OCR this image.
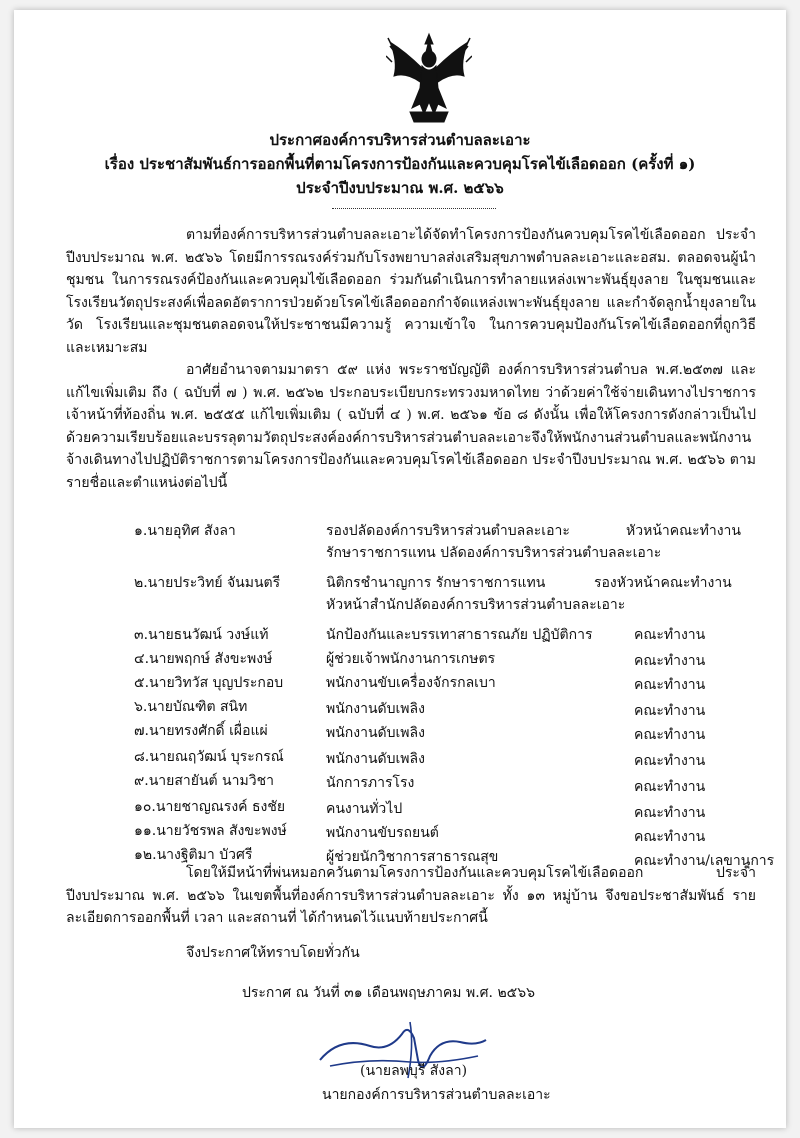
ประกาศองค์การบริหารส่วนตำบลละเอาะ
เรื่อง ประชาสัมพันธ์การออกพื้นที่ตามโครงการป้องกันและควบคุมโรคไข้เลือดออก (ครั้งที่ ๑)
ประจำปีงบประมาณ พ.ศ. ๒๕๖๖
ตามที่องค์การบริหารส่วนตำบลละเอาะได้จัดทำโครงการป้องกันควบคุมโรคไข้เลือดออก ประจำปีงบประมาณ พ.ศ. ๒๕๖๖ โดยมีการรณรงค์ร่วมกับโรงพยาบาลส่งเสริมสุขภาพตำบลละเอาะและอสม. ตลอดจนผู้นำชุมชน ในการรณรงค์ป้องกันและควบคุมไข้เลือดออก ร่วมกันดำเนินการทำลายแหล่งเพาะพันธุ์ยุงลาย ในชุมชนและโรงเรียนวัตถุประสงค์เพื่อลดอัตราการป่วยด้วยโรคไข้เลือดออกกำจัดแหล่งเพาะพันธุ์ยุงลาย และกำจัดลูกน้ำยุงลายในวัด โรงเรียนและชุมชนตลอดจนให้ประชาชนมีความรู้ ความเข้าใจ ในการควบคุมป้องกันโรคไข้เลือดออกที่ถูกวิธี และเหมาะสม
อาศัยอำนาจตามมาตรา ๕๙ แห่ง พระราชบัญญัติ องค์การบริหารส่วนตำบล พ.ศ.๒๕๓๗ และ แก้ไขเพิ่มเติม ถึง ( ฉบับที่ ๗ ) พ.ศ. ๒๕๖๒ ประกอบระเบียบกระทรวงมหาดไทย ว่าด้วยค่าใช้จ่ายเดินทางไปราชการเจ้าหน้าที่ท้องถิ่น พ.ศ. ๒๕๕๕ แก้ไขเพิ่มเติม ( ฉบับที่ ๔ ) พ.ศ. ๒๕๖๑ ข้อ ๘ ดังนั้น เพื่อให้โครงการดังกล่าวเป็นไปด้วยความเรียบร้อยและบรรลุตามวัตถุประสงค์องค์การบริหารส่วนตำบลละเอาะจึงให้พนักงานส่วนตำบลและพนักงานจ้างเดินทางไปปฏิบัติราชการตามโครงการป้องกันและควบคุมโรคไข้เลือดออก ประจำปีงบประมาณ พ.ศ. ๒๕๖๖ ตามรายชื่อและตำแหน่งต่อไปนี้
๑.นายอุทิศ สังลา	รองปลัดองค์การบริหารส่วนตำบลละเอาะ	หัวหน้าคณะทำงาน
รักษาราชการแทน ปลัดองค์การบริหารส่วนตำบลละเอาะ
๒.นายประวิทย์ จันมนตรี	นิติกรชำนาญการ รักษาราชการแทน	รองหัวหน้าคณะทำงาน
หัวหน้าสำนักปลัดองค์การบริหารส่วนตำบลละเอาะ
๓.นายธนวัฒน์ วงษ์แท้	นักป้องกันและบรรเทาสาธารณภัย ปฏิบัติการ	คณะทำงาน
๔.นายพฤกษ์ สังขะพงษ์	ผู้ช่วยเจ้าพนักงานการเกษตร	คณะทำงาน
๕.นายวิทวัส บุญประกอบ	พนักงานขับเครื่องจักรกลเบา	คณะทำงาน
๖.นายบัณฑิต สนิท	พนักงานดับเพลิง	คณะทำงาน
๗.นายทรงศักดิ์ เผื่อแผ่	พนักงานดับเพลิง	คณะทำงาน
๘.นายณฤวัฒน์ บุระกรณ์	พนักงานดับเพลิง	คณะทำงาน
๙.นายสายันต์ นามวิชา	นักการภารโรง	คณะทำงาน
๑๐.นายชาญณรงค์ ธงชัย	คนงานทั่วไป	คณะทำงาน
๑๑.นายวัชรพล สังขะพงษ์	พนักงานขับรถยนต์	คณะทำงาน
๑๒.นางฐิติมา บัวศรี	ผู้ช่วยนักวิชาการสาธารณสุข	คณะทำงาน/เลขานุการ
โดยให้มีหน้าที่พ่นหมอกควันตามโครงการป้องกันและควบคุมโรคไข้เลือดออก ประจำปีงบประมาณ พ.ศ. ๒๕๖๖ ในเขตพื้นที่องค์การบริหารส่วนตำบลละเอาะ ทั้ง ๑๓ หมู่บ้าน จึงขอประชาสัมพันธ์ รายละเอียดการออกพื้นที่ เวลา และสถานที่ ได้กำหนดไว้แนบท้ายประกาศนี้
จึงประกาศให้ทราบโดยทั่วกัน
ประกาศ ณ วันที่ ๓๑ เดือนพฤษภาคม พ.ศ. ๒๕๖๖
(นายลพบุรี สังลา)
นายกองค์การบริหารส่วนตำบลละเอาะ
